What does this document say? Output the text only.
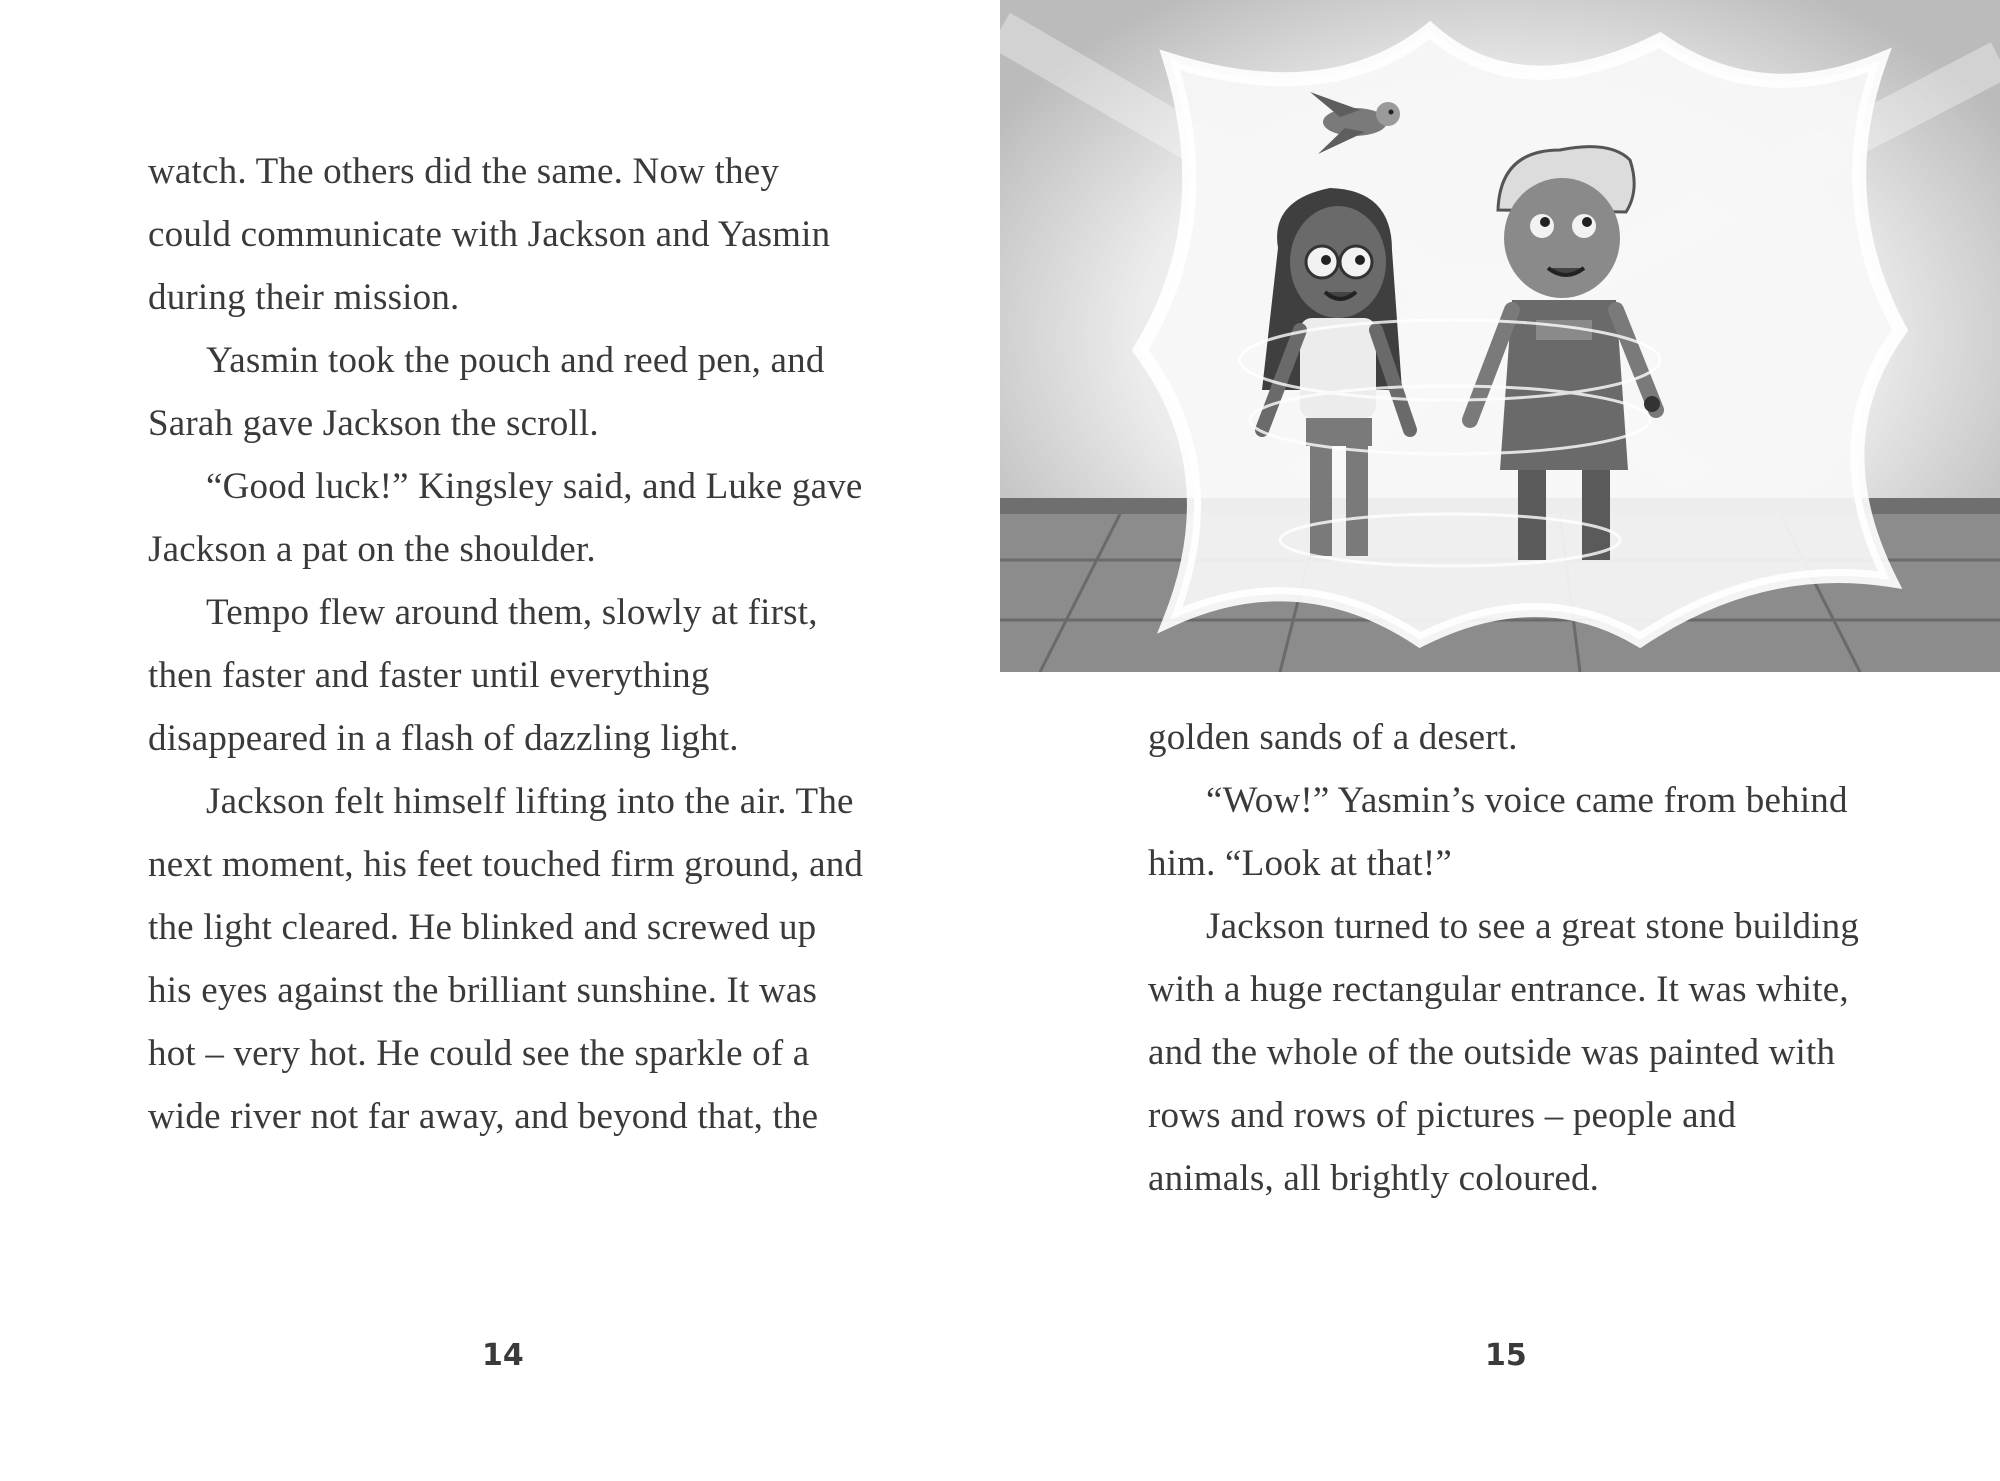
watch. The others did the same. Now they could communicate with Jackson and Yasmin during their mission.

Yasmin took the pouch and reed pen, and Sarah gave Jackson the scroll.

“Good luck!” Kingsley said, and Luke gave Jackson a pat on the shoulder.

Tempo flew around them, slowly at first, then faster and faster until everything disappeared in a flash of dazzling light.

Jackson felt himself lifting into the air. The next moment, his feet touched firm ground, and the light cleared. He blinked and screwed up his eyes against the brilliant sunshine. It was hot – very hot. He could see the sparkle of a wide river not far away, and beyond that, the

14

golden sands of a desert.

“Wow!” Yasmin’s voice came from behind him. “Look at that!”

Jackson turned to see a great stone building with a huge rectangular entrance. It was white, and the whole of the outside was painted with rows and rows of pictures – people and animals, all brightly coloured.

15
